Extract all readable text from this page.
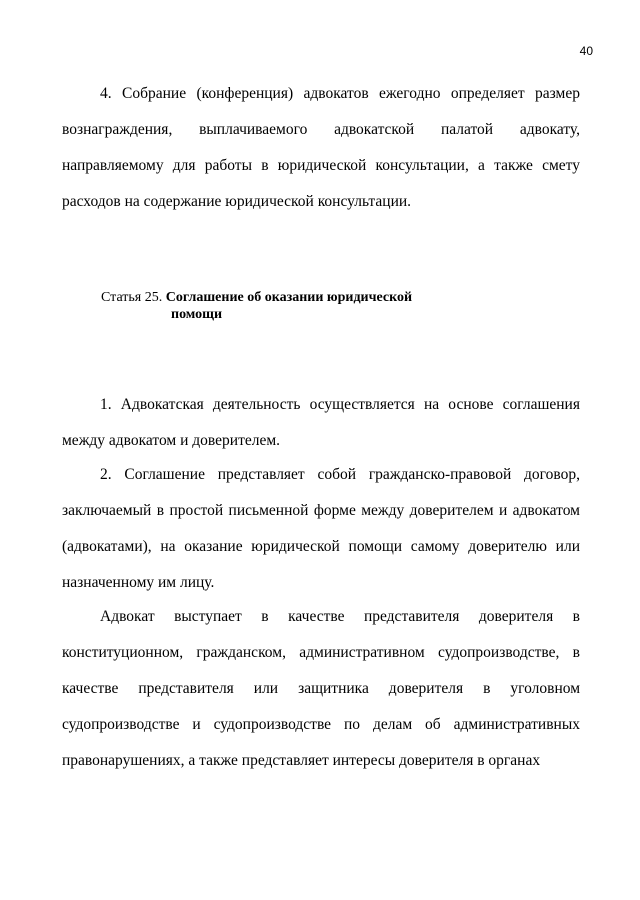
40

4. Собрание (конференция) адвокатов ежегодно определяет размер вознаграждения, выплачиваемого адвокатской палатой адвокату, направляемому для работы в юридической консультации, а также смету расходов на содержание юридической консультации.

Статья 25. Соглашение об оказании юридической
помощи

1. Адвокатская деятельность осуществляется на основе соглашения между адвокатом и доверителем.

2. Соглашение представляет собой гражданско-правовой договор, заключаемый в простой письменной форме между доверителем и адвокатом (адвокатами), на оказание юридической помощи самому доверителю или назначенному им лицу.

Адвокат выступает в качестве представителя доверителя в конституционном, гражданском, административном судопроизводстве, в качестве представителя или защитника доверителя в уголовном судопроизводстве и судопроизводстве по делам об административных правонарушениях, а также представляет интересы доверителя в органах
